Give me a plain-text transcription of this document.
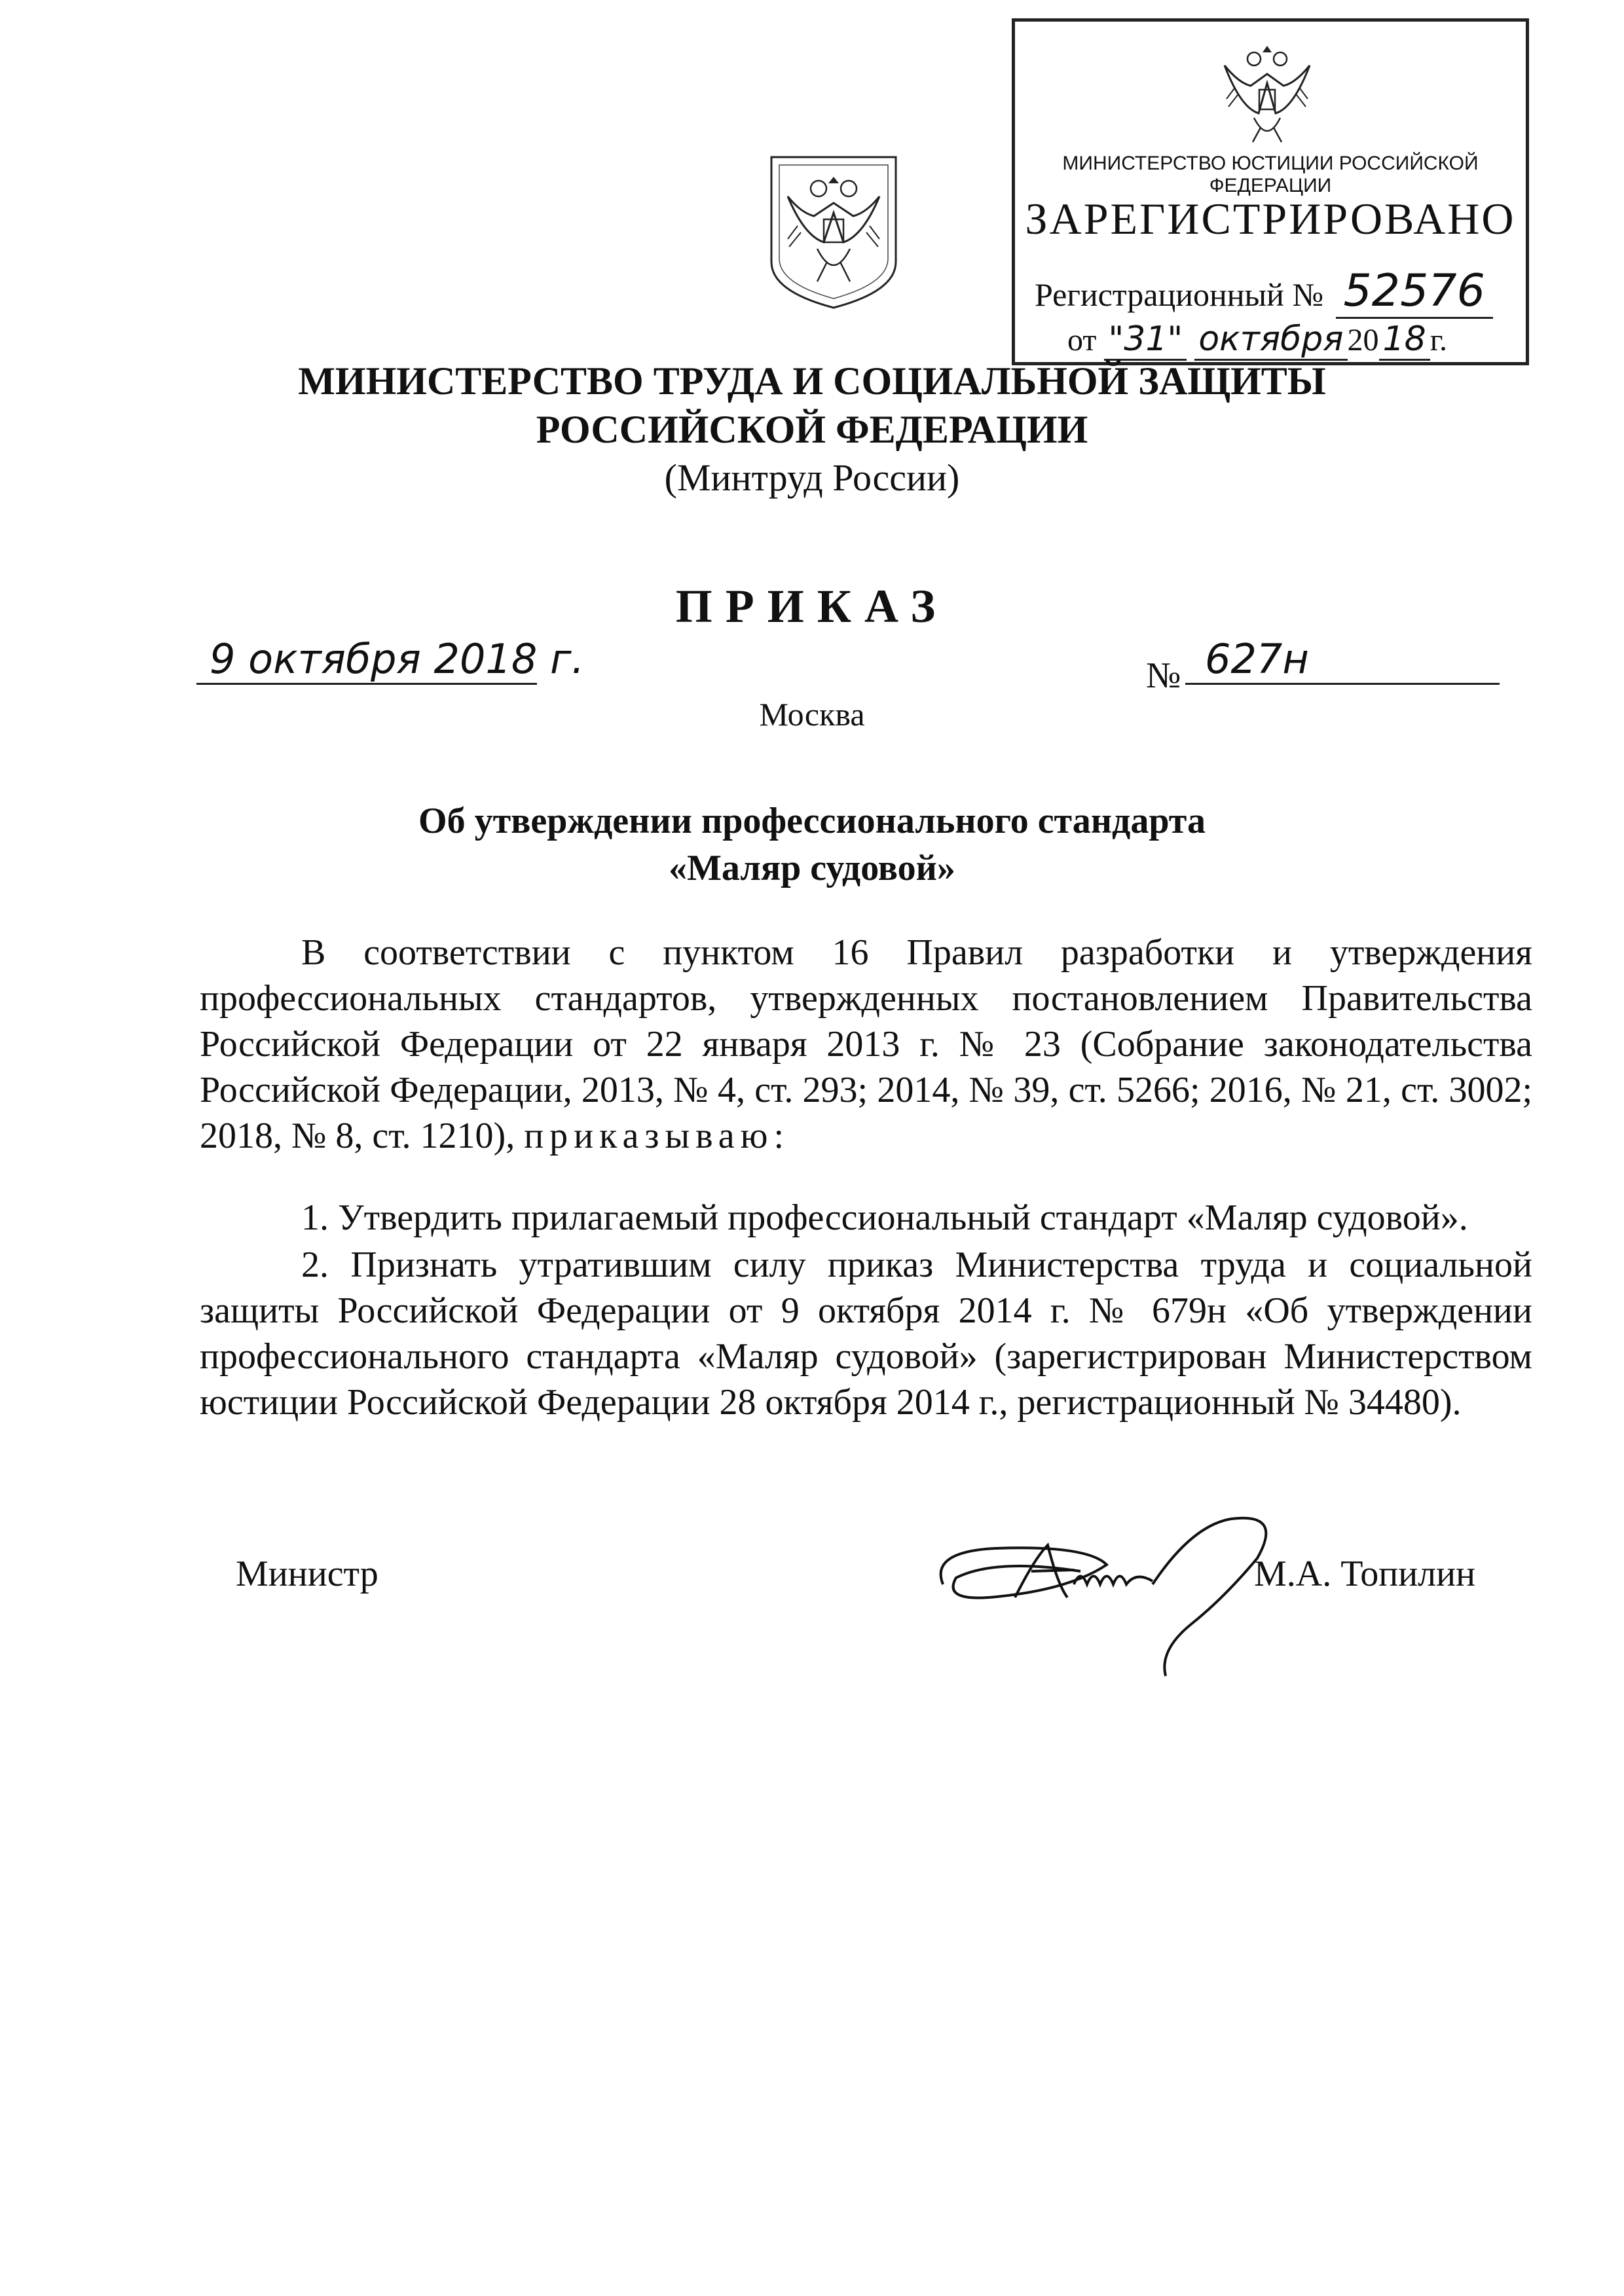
МИНИСТЕРСТВО ЮСТИЦИИ РОССИЙСКОЙ ФЕДЕРАЦИИ
ЗАРЕГИСТРИРОВАНО
Регистрационный № 52576
от "31" октября 20 18 г.
МИНИСТЕРСТВО ТРУДА И СОЦИАЛЬНОЙ ЗАЩИТЫ
РОССИЙСКОЙ ФЕДЕРАЦИИ
(Минтруд России)
ПРИКАЗ
9 октября 2018 г.	№ 627н
Москва
Об утверждении профессионального стандарта
«Маляр судовой»
В соответствии с пунктом 16 Правил разработки и утверждения профессиональных стандартов, утвержденных постановлением Правительства Российской Федерации от 22 января 2013 г. № 23 (Собрание законодательства Российской Федерации, 2013, № 4, ст. 293; 2014, № 39, ст. 5266; 2016, № 21, ст. 3002; 2018, № 8, ст. 1210), приказываю:
1. Утвердить прилагаемый профессиональный стандарт «Маляр судовой».
2. Признать утратившим силу приказ Министерства труда и социальной защиты Российской Федерации от 9 октября 2014 г. № 679н «Об утверждении профессионального стандарта «Маляр судовой» (зарегистрирован Министерством юстиции Российской Федерации 28 октября 2014 г., регистрационный № 34480).
Министр	М.А. Топилин
